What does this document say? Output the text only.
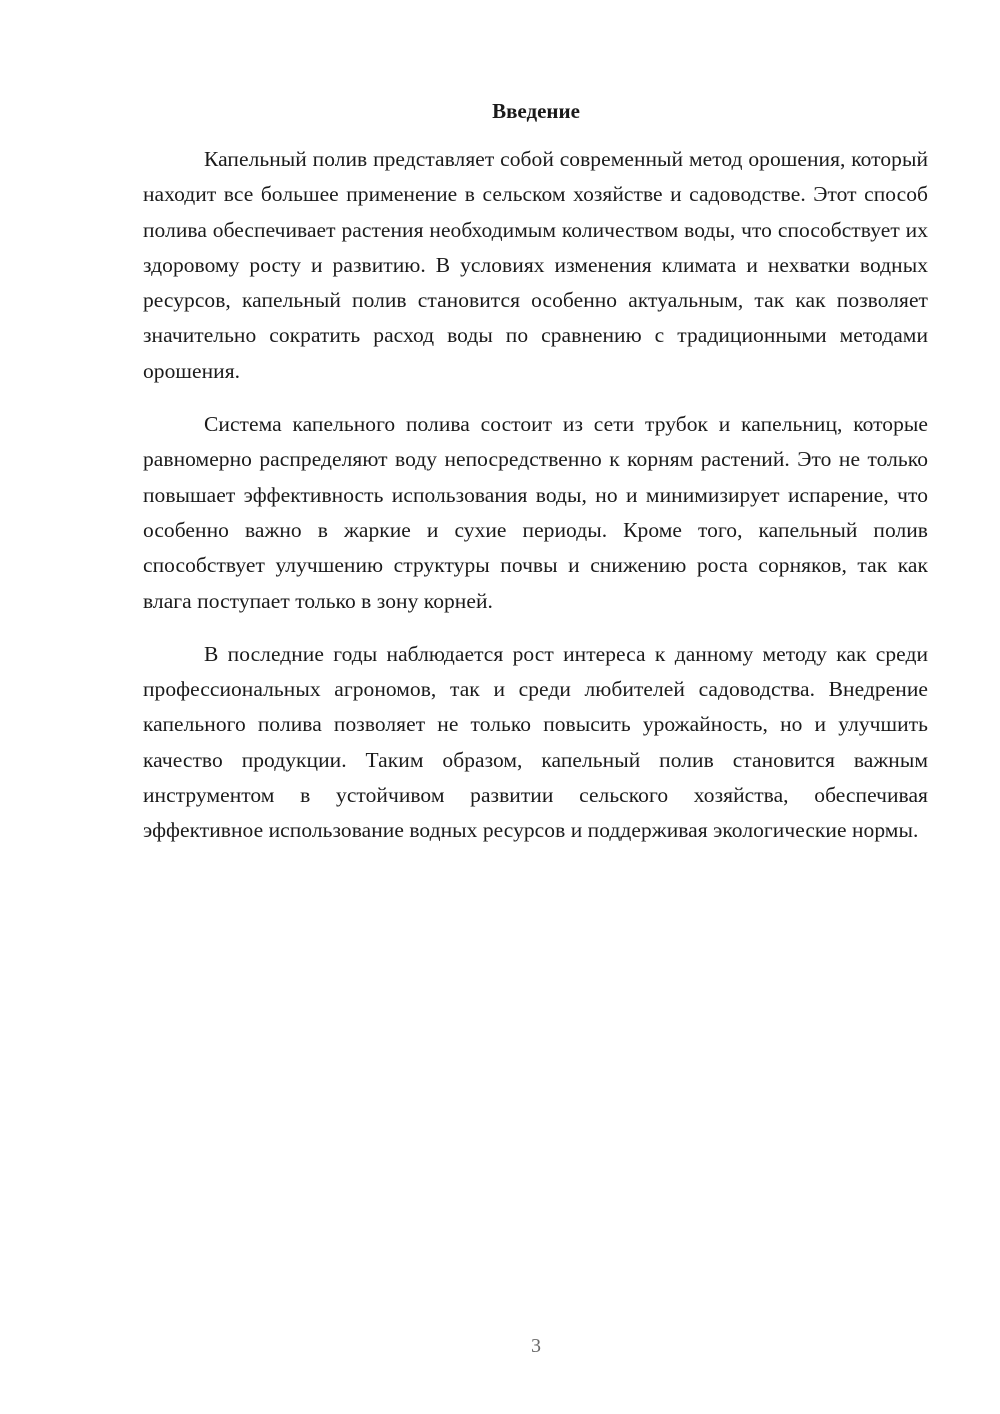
Введение

Капельный полив представляет собой современный метод орошения, который находит все большее применение в сельском хозяйстве и садоводстве. Этот способ полива обеспечивает растения необходимым количеством воды, что способствует их здоровому росту и развитию. В условиях изменения климата и нехватки водных ресурсов, капельный полив становится особенно актуальным, так как позволяет значительно сократить расход воды по сравнению с традиционными методами орошения.

Система капельного полива состоит из сети трубок и капельниц, которые равномерно распределяют воду непосредственно к корням растений. Это не только повышает эффективность использования воды, но и минимизирует испарение, что особенно важно в жаркие и сухие периоды. Кроме того, капельный полив способствует улучшению структуры почвы и снижению роста сорняков, так как влага поступает только в зону корней.

В последние годы наблюдается рост интереса к данному методу как среди профессиональных агрономов, так и среди любителей садоводства. Внедрение капельного полива позволяет не только повысить урожайность, но и улучшить качество продукции. Таким образом, капельный полив становится важным инструментом в устойчивом развитии сельского хозяйства, обеспечивая эффективное использование водных ресурсов и поддерживая экологические нормы.

3
